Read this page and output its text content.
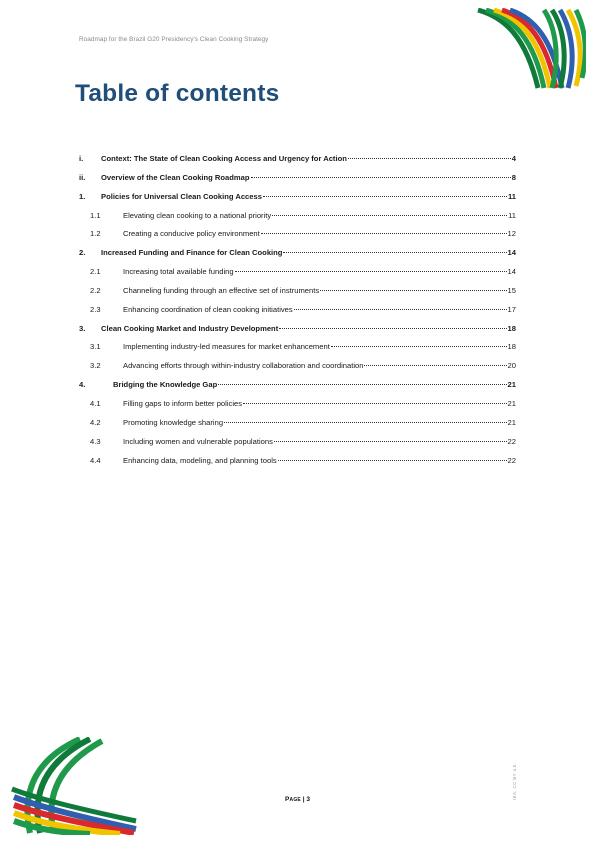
Roadmap for the Brazil G20 Presidency's Clean Cooking Strategy
Table of contents
i.	Context: The State of Clean Cooking Access and Urgency for Action	4
ii.	Overview of the Clean Cooking Roadmap	8
1.	Policies for Universal Clean Cooking Access	11
1.1	Elevating clean cooking to a national priority	11
1.2	Creating a conducive policy environment	12
2.	Increased Funding and Finance for Clean Cooking	14
2.1	Increasing total available funding	14
2.2	Channeling funding through an effective set of instruments	15
2.3	Enhancing coordination of clean cooking initiatives	17
3.	Clean Cooking Market and Industry Development	18
3.1	Implementing industry-led measures for market enhancement	18
3.2	Advancing efforts through within-industry collaboration and coordination	20
4.	Bridging the Knowledge Gap	21
4.1	Filling gaps to inform better policies	21
4.2	Promoting knowledge sharing	21
4.3	Including women and vulnerable populations	22
4.4	Enhancing data, modeling, and planning tools	22
Page | 3	IEA. CC BY 4.0.
